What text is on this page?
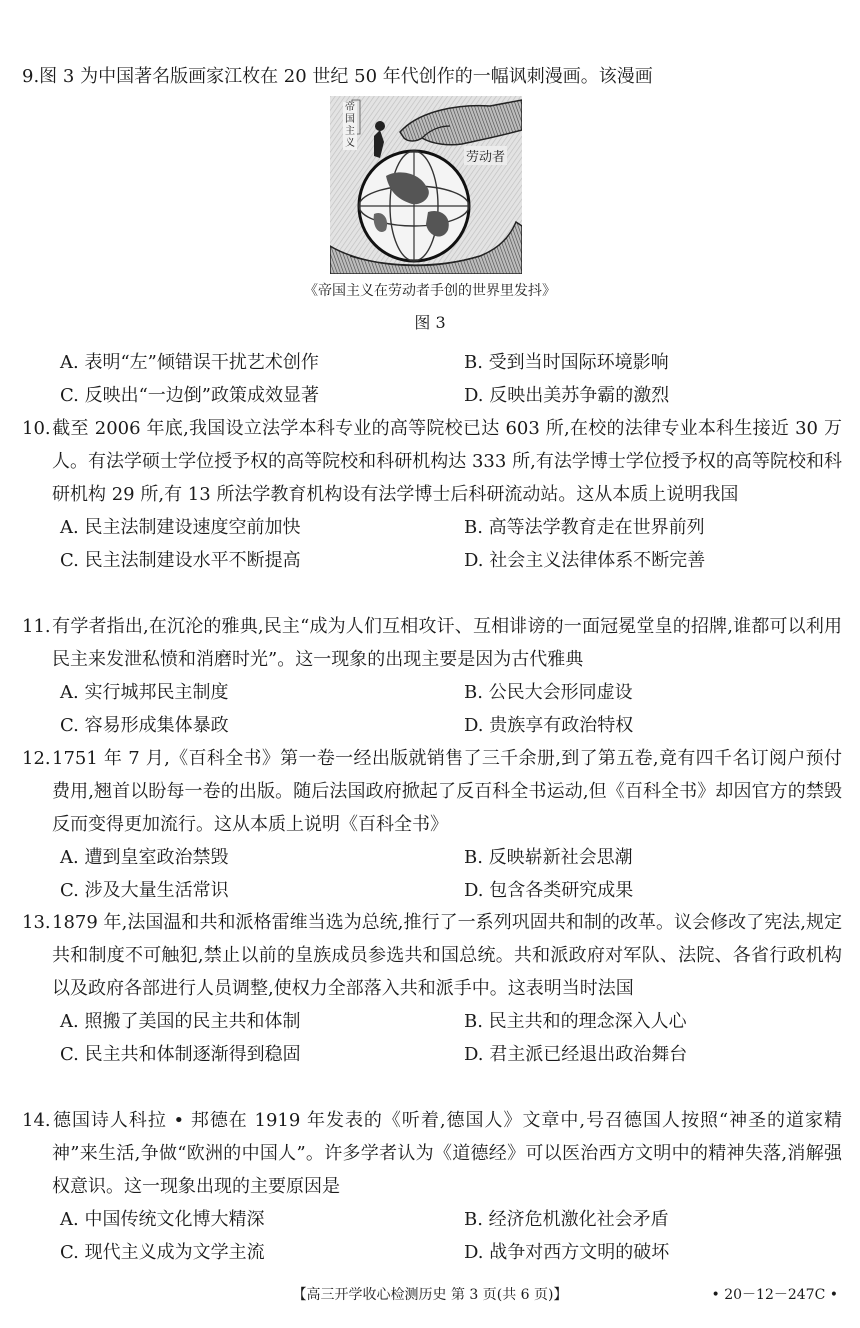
9.图 3 为中国著名版画家江枚在 20 世纪 50 年代创作的一幅讽刺漫画。该漫画

帝国主义
劳动者
《帝国主义在劳动者手创的世界里发抖》
图 3
A. 表明“左”倾错误干扰艺术创作	B. 受到当时国际环境影响
C. 反映出“一边倒”政策成效显著	D. 反映出美苏争霸的激烈

10.截至 2006 年底,我国设立法学本科专业的高等院校已达 603 所,在校的法律专业本科生接近 30 万人。有法学硕士学位授予权的高等院校和科研机构达 333 所,有法学博士学位授予权的高等院校和科研机构 29 所,有 13 所法学教育机构设有法学博士后科研流动站。这从本质上说明我国

A. 民主法制建设速度空前加快	B. 高等法学教育走在世界前列
C. 民主法制建设水平不断提高	D. 社会主义法律体系不断完善

11.有学者指出,在沉沦的雅典,民主“成为人们互相攻讦、互相诽谤的一面冠冕堂皇的招牌,谁都可以利用民主来发泄私愤和消磨时光”。这一现象的出现主要是因为古代雅典

A. 实行城邦民主制度	B. 公民大会形同虚设
C. 容易形成集体暴政	D. 贵族享有政治特权

12.1751 年 7 月,《百科全书》第一卷一经出版就销售了三千余册,到了第五卷,竟有四千名订阅户预付费用,翘首以盼每一卷的出版。随后法国政府掀起了反百科全书运动,但《百科全书》却因官方的禁毁反而变得更加流行。这从本质上说明《百科全书》

A. 遭到皇室政治禁毁	B. 反映崭新社会思潮
C. 涉及大量生活常识	D. 包含各类研究成果

13.1879 年,法国温和共和派格雷维当选为总统,推行了一系列巩固共和制的改革。议会修改了宪法,规定共和制度不可触犯,禁止以前的皇族成员参选共和国总统。共和派政府对军队、法院、各省行政机构以及政府各部进行人员调整,使权力全部落入共和派手中。这表明当时法国

A. 照搬了美国的民主共和体制	B. 民主共和的理念深入人心
C. 民主共和体制逐渐得到稳固	D. 君主派已经退出政治舞台

14.德国诗人科拉 • 邦德在 1919 年发表的《听着,德国人》文章中,号召德国人按照“神圣的道家精神”来生活,争做“欧洲的中国人”。许多学者认为《道德经》可以医治西方文明中的精神失落,消解强权意识。这一现象出现的主要原因是

A. 中国传统文化博大精深	B. 经济危机激化社会矛盾
C. 现代主义成为文学主流	D. 战争对西方文明的破坏
【高三开学收心检测历史 第 3 页(共 6 页)】	• 20－12－247C •
